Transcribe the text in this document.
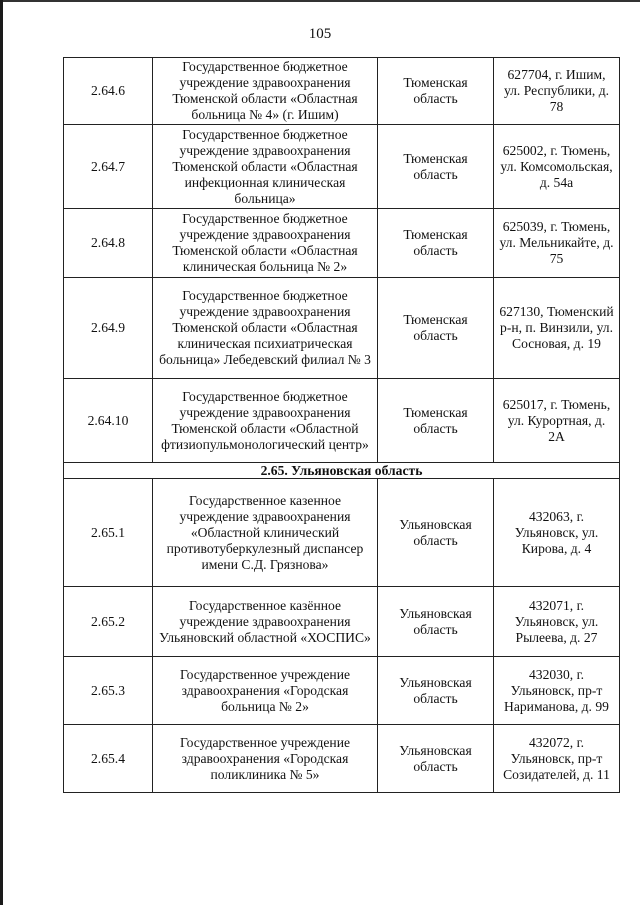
105
2.64.6	Государственное бюджетное учреждение здравоохранения Тюменской области «Областная больница № 4» (г. Ишим)	Тюменская область	627704, г. Ишим, ул. Республики, д. 78
2.64.7	Государственное бюджетное учреждение здравоохранения Тюменской области «Областная инфекционная клиническая больница»	Тюменская область	625002, г. Тюмень, ул. Комсомольская, д. 54а
2.64.8	Государственное бюджетное учреждение здравоохранения Тюменской области «Областная клиническая больница № 2»	Тюменская область	625039, г. Тюмень, ул. Мельникайте, д. 75
2.64.9	Государственное бюджетное учреждение здравоохранения Тюменской области «Областная клиническая психиатрическая больница» Лебедевский филиал № 3	Тюменская область	627130, Тюменский р-н, п. Винзили, ул. Сосновая, д. 19
2.64.10	Государственное бюджетное учреждение здравоохранения Тюменской области «Областной фтизиопульмонологический центр»	Тюменская область	625017, г. Тюмень, ул. Курортная, д. 2А
2.65. Ульяновская область			
2.65.1	Государственное казенное учреждение здравоохранения «Областной клинический противотуберкулезный диспансер имени С.Д. Грязнова»	Ульяновская область	432063, г. Ульяновск, ул. Кирова, д. 4
2.65.2	Государственное казённое учреждение здравоохранения Ульяновский областной «ХОСПИС»	Ульяновская область	432071, г. Ульяновск, ул. Рылеева, д. 27
2.65.3	Государственное учреждение здравоохранения «Городская больница № 2»	Ульяновская область	432030, г. Ульяновск, пр-т Нариманова, д. 99
2.65.4	Государственное учреждение здравоохранения «Городская поликлиника № 5»	Ульяновская область	432072, г. Ульяновск, пр-т Созидателей, д. 11
